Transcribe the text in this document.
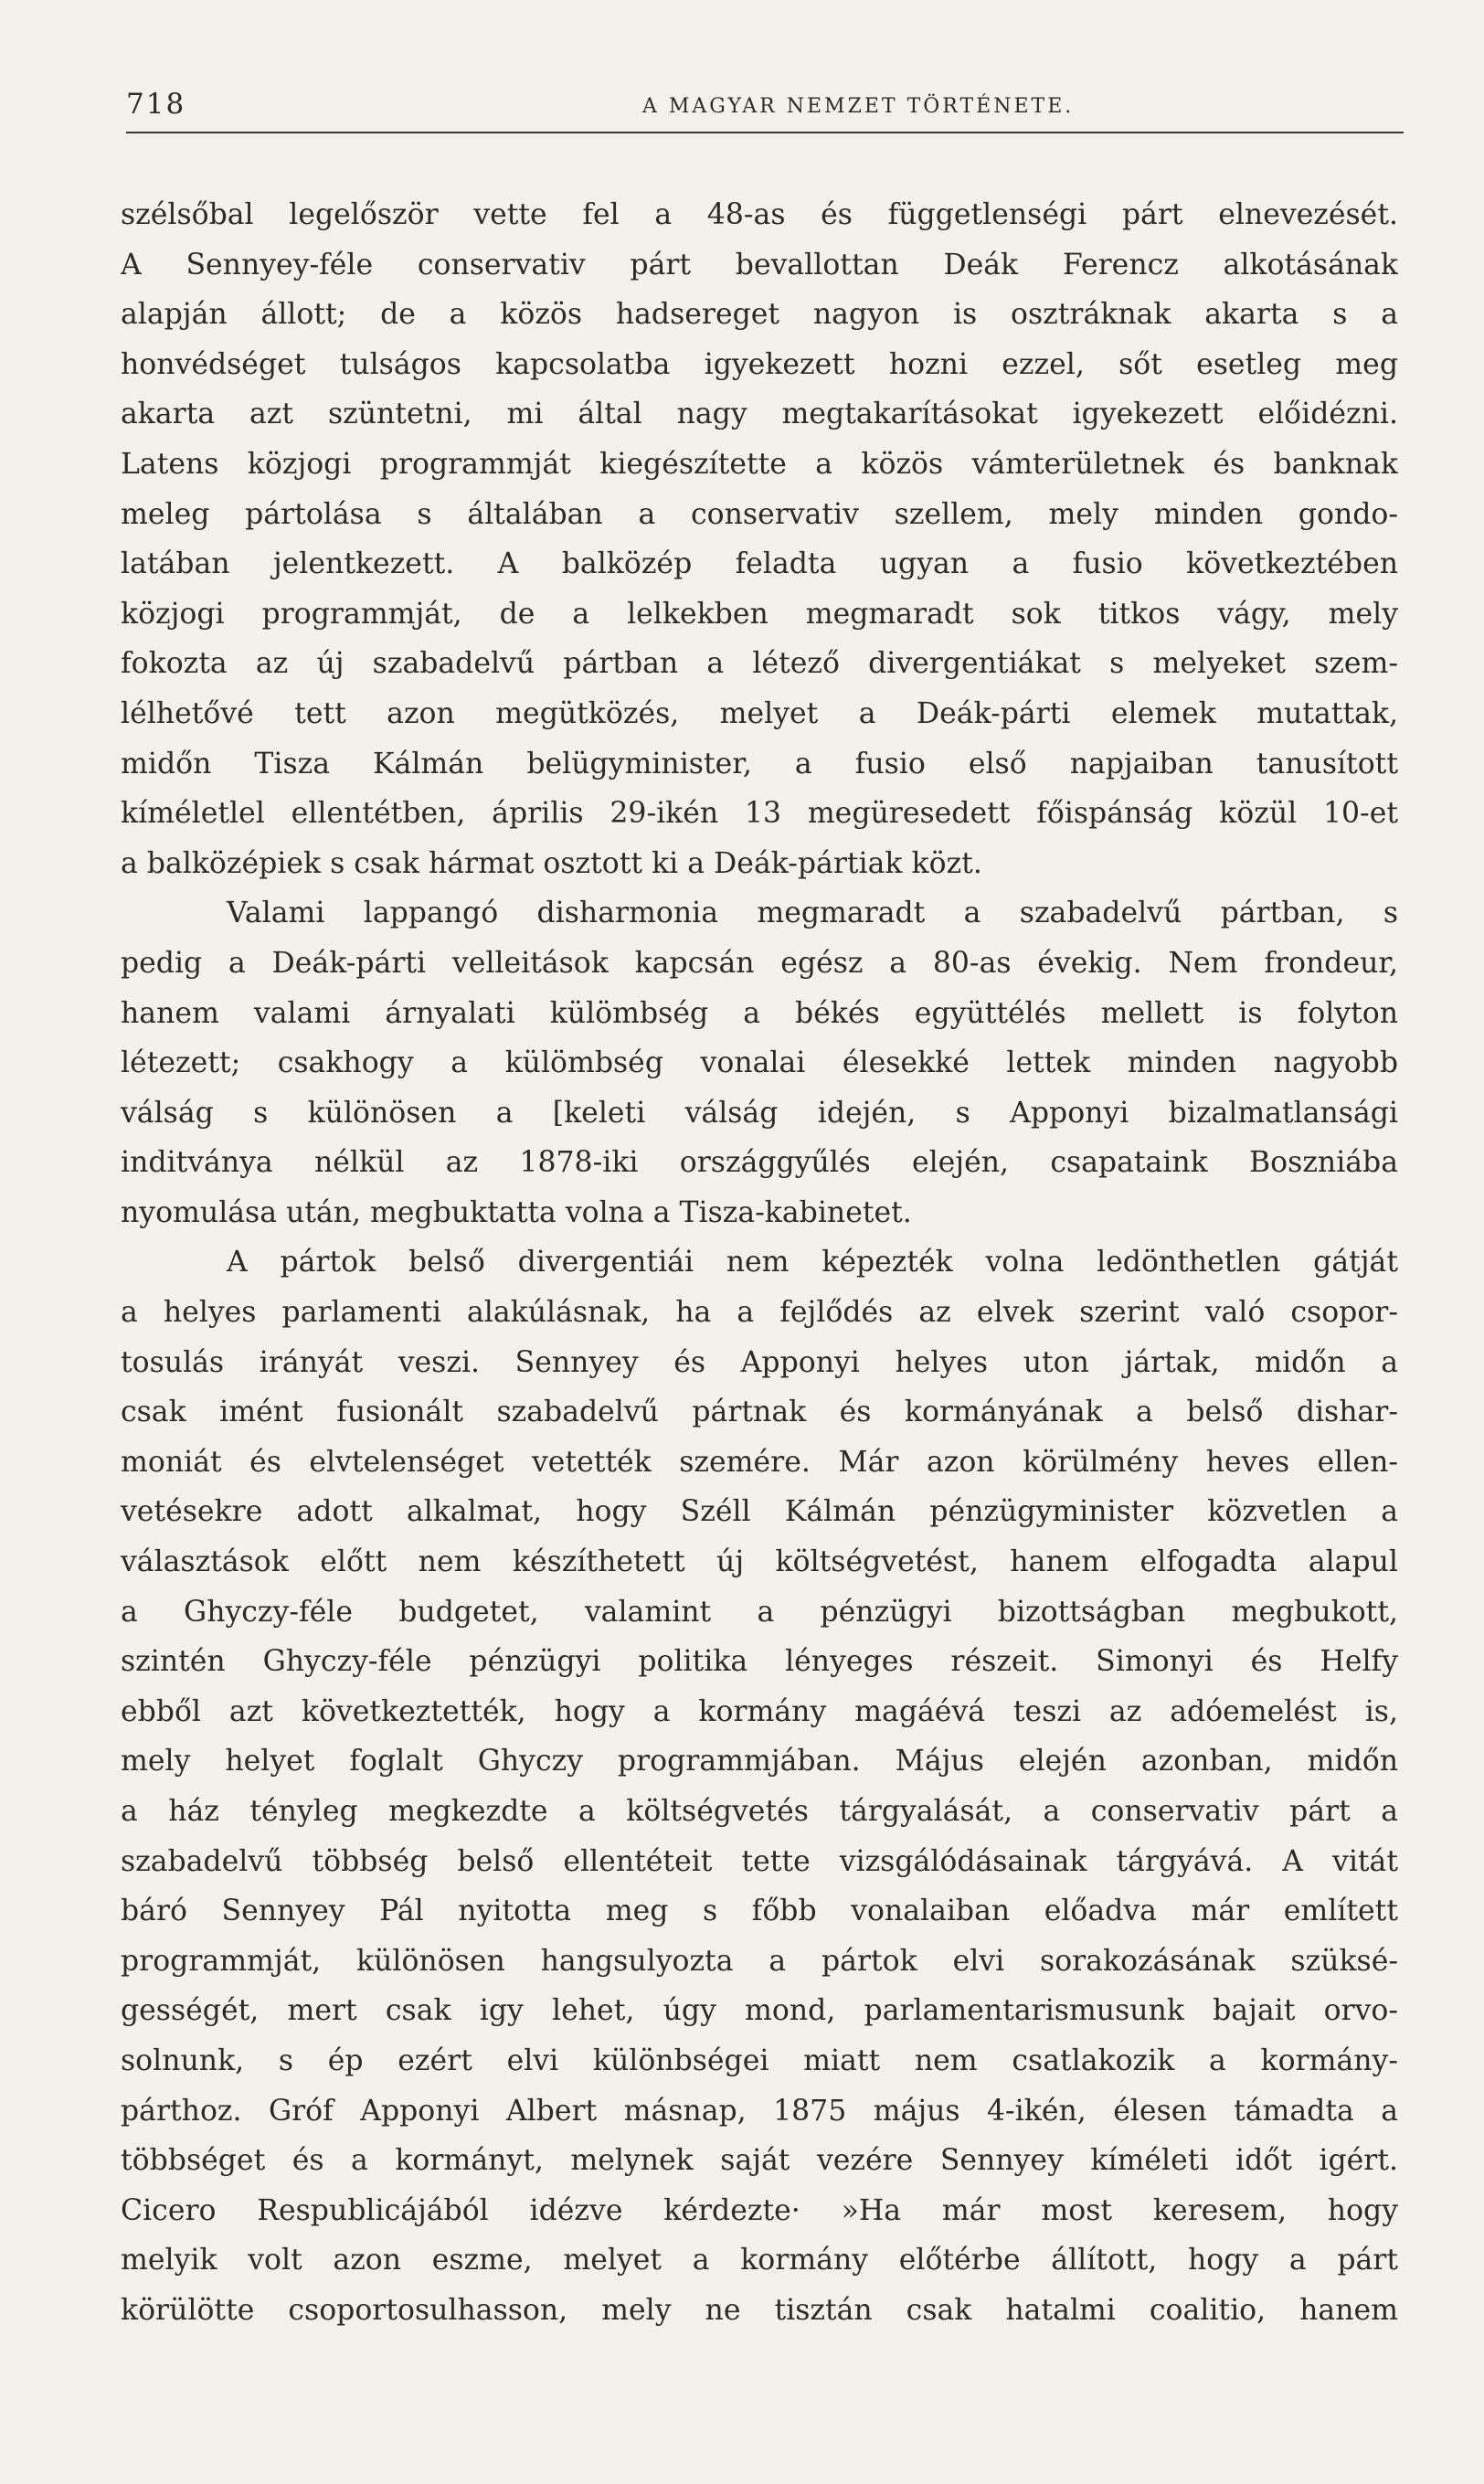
718	A MAGYAR NEMZET TÖRTÉNETE.
szélsőbal legelőször vette fel a 48-as és függetlenségi párt elnevezését.
A Sennyey-féle conservativ párt bevallottan Deák Ferencz alkotásának
alapján állott; de a közös hadsereget nagyon is osztráknak akarta s a
honvédséget tulságos kapcsolatba igyekezett hozni ezzel, sőt esetleg meg
akarta azt szüntetni, mi által nagy megtakarításokat igyekezett előidézni.
Latens közjogi programmját kiegészítette a közös vámterületnek és banknak
meleg pártolása s általában a conservativ szellem, mely minden gondo-
latában jelentkezett. A balközép feladta ugyan a fusio következtében
közjogi programmját, de a lelkekben megmaradt sok titkos vágy, mely
fokozta az új szabadelvű pártban a létező divergentiákat s melyeket szem-
lélhetővé tett azon megütközés, melyet a Deák-párti elemek mutattak,
midőn Tisza Kálmán belügyminister, a fusio első napjaiban tanusított
kíméletlel ellentétben, április 29-ikén 13 megüresedett főispánság közül 10-et
a balközépiek s csak hármat osztott ki a Deák-pártiak közt.
Valami lappangó disharmonia megmaradt a szabadelvű pártban, s
pedig a Deák-párti velleitások kapcsán egész a 80-as évekig. Nem frondeur,
hanem valami árnyalati külömbség a békés együttélés mellett is folyton
létezett; csakhogy a külömbség vonalai élesekké lettek minden nagyobb
válság s különösen a [keleti válság idején, s Apponyi bizalmatlansági
inditványa nélkül az 1878-iki országgyűlés elején, csapataink Boszniába
nyomulása után, megbuktatta volna a Tisza-kabinetet.
A pártok belső divergentiái nem képezték volna ledönthetlen gátját
a helyes parlamenti alakúlásnak, ha a fejlődés az elvek szerint való csopor-
tosulás irányát veszi. Sennyey és Apponyi helyes uton jártak, midőn a
csak imént fusionált szabadelvű pártnak és kormányának a belső dishar-
moniát és elvtelenséget vetették szemére. Már azon körülmény heves ellen-
vetésekre adott alkalmat, hogy Széll Kálmán pénzügyminister közvetlen a
választások előtt nem készíthetett új költségvetést, hanem elfogadta alapul
a Ghyczy-féle budgetet, valamint a pénzügyi bizottságban megbukott,
szintén Ghyczy-féle pénzügyi politika lényeges részeit. Simonyi és Helfy
ebből azt következtették, hogy a kormány magáévá teszi az adóemelést is,
mely helyet foglalt Ghyczy programmjában. Május elején azonban, midőn
a ház tényleg megkezdte a költségvetés tárgyalását, a conservativ párt a
szabadelvű többség belső ellentéteit tette vizsgálódásainak tárgyává. A vitát
báró Sennyey Pál nyitotta meg s főbb vonalaiban előadva már említett
programmját, különösen hangsulyozta a pártok elvi sorakozásának szüksé-
gességét, mert csak igy lehet, úgy mond, parlamentarismusunk bajait orvo-
solnunk, s ép ezért elvi különbségei miatt nem csatlakozik a kormány-
párthoz. Gróf Apponyi Albert másnap, 1875 május 4-ikén, élesen támadta a
többséget és a kormányt, melynek saját vezére Sennyey kíméleti időt igért.
Cicero Respublicájából idézve kérdezte· »Ha már most keresem, hogy
melyik volt azon eszme, melyet a kormány előtérbe állított, hogy a párt
körülötte csoportosulhasson, mely ne tisztán csak hatalmi coalitio, hanem
